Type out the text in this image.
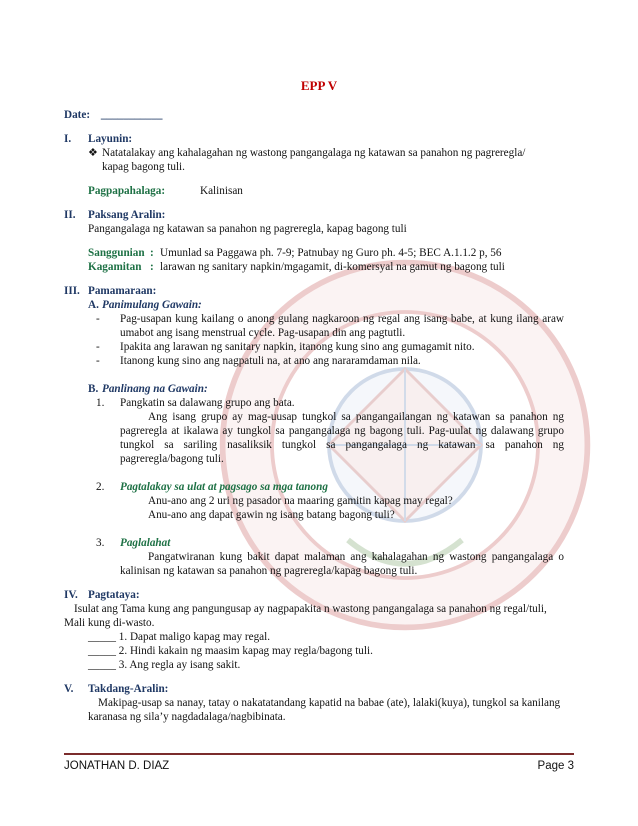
EPP V
Date: ___________
I. Layunin:
❖ Natatalakay ang kahalagahan ng wastong pangangalaga ng katawan sa panahon ng pagreregla/
kapag bagong tuli.
Pagpapahalaga:	Kalinisan
II. Paksang Aralin:
Pangangalaga ng katawan sa panahon ng pagreregla, kapag bagong tuli
Sanggunian : Umunlad sa Paggawa ph. 7-9; Patnubay ng Guro ph. 4-5; BEC A.1.1.2 p, 56
Kagamitan : larawan ng sanitary napkin/mgagamit, di-komersyal na gamut ng bagong tuli
III. Pamamaraan:
A. Panimulang Gawain:
-	Pag-usapan kung kailang o anong gulang nagkaroon ng regal ang isang babe, at kung ilang araw umabot ang isang menstrual cycle. Pag-usapan din ang pagtutli.
-	Ipakita ang larawan ng sanitary napkin, itanong kung sino ang gumagamit nito.
-	Itanong kung sino ang nagpatuli na, at ano ang nararamdaman nila.
B. Panlinang na Gawain:
1. Pangkatin sa dalawang grupo ang bata.
Ang isang grupo ay mag-uusap tungkol sa pangangailangan ng katawan sa panahon ng pagreregla at ikalawa ay tungkol sa pangangalaga ng bagong tuli. Pag-uulat ng dalawang grupo tungkol sa sariling nasaliksik tungkol sa pangangalaga ng katawan sa panahon ng pagreregla/bagong tuli.
2. Pagtalakay sa ulat at pagsago sa mga tanong
Anu-ano ang 2 uri ng pasador na maaring gamitin kapag may regal?
Anu-ano ang dapat gawin ng isang batang bagong tuli?
3. Paglalahat
Pangatwiranan kung bakit dapat malaman ang kahalagahan ng wastong pangangalaga o kalinisan ng katawan sa panahon ng pagreregla/kapag bagong tuli.
IV. Pagtataya:
Isulat ang Tama kung ang pangungusap ay nagpapakita n wastong pangangalaga sa panahon ng regal/tuli, Mali kung di-wasto.
_____ 1. Dapat maligo kapag may regal.
_____ 2. Hindi kakain ng maasim kapag may regla/bagong tuli.
_____ 3. Ang regla ay isang sakit.
V. Takdang-Aralin:
Makipag-usap sa nanay, tatay o nakatatandang kapatid na babae (ate), lalaki(kuya), tungkol sa kanilang karanasa ng sila’y nagdadalaga/nagbibinata.
JONATHAN D. DIAZ	Page 3
